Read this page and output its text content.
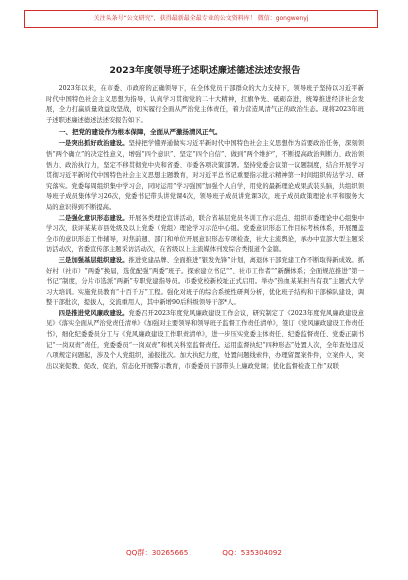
关注头条号“公文研究”，获得最新最全最专业的公文资料库！ 微信：gongwenyj
2023年度领导班子述职述廉述德述法述安报告

2023年以来，在市委、市政府的正确领导下，在全体党员干部群众的大力支持下，领导班子坚持以习近平新时代中国特色社会主义思想为指导，认真学习贯彻党的二十大精神，扛旗争先、砥砺奋进，统筹推进经济社会发展，全力打赢质量效益攻坚战，切实履行全面从严治党主体责任，着力营造风清气正的政治生态。现将2023年班子述职述廉述德述法述安报告如下。

一、把党的建设作为根本保障，全面从严激扬清风正气。

一是突出抓好政治建设。坚持把学懂弄通做实习近平新时代中国特色社会主义思想作为首要政治任务，深刻领悟“两个确立”的决定性意义，增强“四个意识”、坚定“四个自信”、做到“两个维护”，不断提高政治判断力、政治领悟力、政治执行力，坚定不移贯彻党中央和省委、市委各项决策部署。坚持党委会议第一议题制度，结合开展学习贯彻习近平新时代中国特色社会主义思想主题教育，对习近平总书记重要指示批示精神第一时间组织传达学习、研究落实。党委每周组织集中学习会，同时运用“学习强国”加强个人自学，用党的最新理论成果武装头脑，共组织领导班子成员集体学习26次，党委书记带头讲党课4次，领导班子成员讲党课3次，班子成员政策理论水平和服务大局的意识得到不断提高。

二是强化意识形态建设。开展各类理论宣讲活动，联合省基层党员冬训工作示范点、组织市委理论中心组集中学习次，获评某某市县处级及以上党委（党组）理论学习示范中心组。党委意识形态工作目标考核体系，开展覆盖全市的意识形态工作辅导，对焦前週、部门和单位开展意识形态专项检查，社大主流舆论，承办中宣部大型主题采访活动次，省委宣传部主题采访活动次，在省级以上主流媒体刊发综合类报道个金篇。

三是加强基层组织建设。推进党建品牌、全面推进“银发先锋”计划，离退休干部党建工作不断取得新成效。抓好村（社市）“两委”换届，选优配强“两委”班子。探索建立书记“”、社市工作者“”新酬体系；全面规范推进“第一书记”制度，分片市选派“两新”专职党建指导员。市委党校新校址正式启用。举办“热血某某担当有我”主题式大学习大培训。实施党员教育“十百千万”工程。强化对班子的综合系统性研判分析，优化班子结构和干部梯队建设，调整干部批次，提拔人，交流重用人，其中新增90后科级领导干部*人。

四是推进党风廉政建设。党委召开2023年度党风廉政建设工作会议，研究制定了《2023年度党风廉政建设意见》《落实全面从严治党责任清单》《加强对主要领导和领导班子监督工作责任清单》，签订《党风廉政建设工作责任书》，细化纪委委员分工与《党风廉政建设工作职责清单》，进一步压实党委主体责任、纪委监督责任、党委正副书记“一岗双责”责任，党委委员“一岗双责”和机关科室监督责任。运用监督执纪“四种形态”处置人次，全年查处违反八项规定问题起，涉及个人党组织，通报批次。加大执纪力度，处置问题线索件，办理留置案件件，立案件人，突出以案促教、促改、促治，常态化开展警示教育，市委委员干部带头上廉政党课；优化监督检查工作“双联

QQ群：30265665	QQ：535304092
